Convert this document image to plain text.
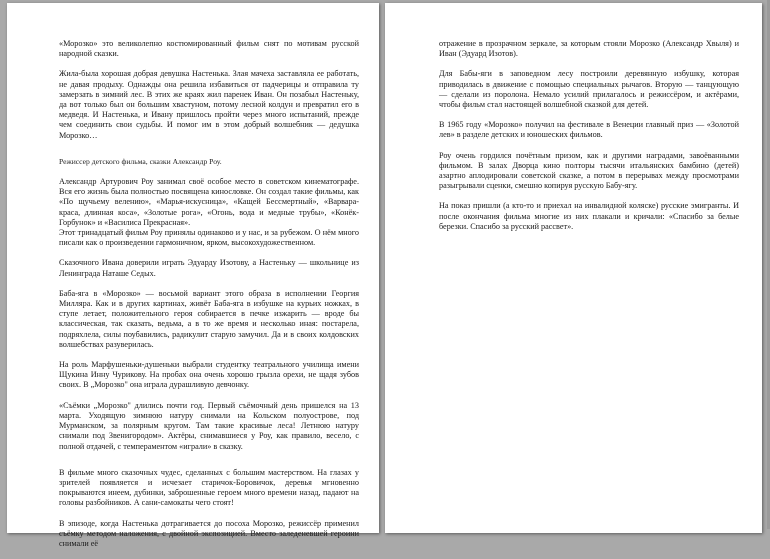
«Морозко» это великолепно костюмированный фильм снят по мотивам русской народной сказки.

Жила-была хорошая добрая девушка Настенька. Злая мачеха заставляла ее работать, не давая продыху. Однажды она решила избавиться от падчерицы и отправила ту замерзать в зимний лес. В этих же краях жил паренек Иван. Он позабыл Настеньку, да вот только был он большим хвастуном, потому лесной колдун и превратил его в медведя. И Настенька, и Ивану пришлось пройти через много испытаний, прежде чем соединить свои судьбы. И помог им в этом добрый волшебник — дедушка Морозко…

Режиссер детского фильма, сказки Александр Роу.

Александр Артурович Роу занимал своё особое место в советском кинематографе. Вся его жизнь была полностью посвящена кинословке. Он создал такие фильмы, как «По щучьему велению», «Марья-искусница», «Кащей Бессмертный», «Варвара-краса, длинная коса», «Золотые рога», «Огонь, вода и медные трубы», «Конёк-Горбунок» и «Василиса Прекрасная».

Этот тринадцатый фильм Роу принялы одинаково и у нас, и за рубежом. О нём много писали как о произведении гармоничном, ярком, высокохудожественном.

Сказочного Ивана доверили играть Эдуарду Изотову, а Настеньку — школьнице из Ленинграда Наташе Седых.

Баба-яга в «Морозко» — восьмой вариант этого образа в исполнении Георгия Милляра. Как и в других картинах, живёт Баба-яга в избушке на курьих ножках, в ступе летает, положительного героя собирается в печке изжарить — вроде бы классическая, так сказать, ведьма, а в то же время и несколько иная: постарела, подряхлела, силы поубавились, радикулит старую замучил. Да и в своих колдовских волшебствах разуверилась.

На роль Марфушеньки-душеньки выбрали студентку театрального училища имени Щукина Инну Чурикову. На пробах она очень хорошо грызла орехи, не щадя зубов своих. В „Морозко" она играла дурашливую девчонку.

«Съёмки „Морозко" длились почти год. Первый съёмочный день пришелся на 13 марта. Уходящую зимнюю натуру снимали на Кольском полуострове, под Мурманском, за полярным кругом. Там такие красивые леса! Летнюю натуру снимали под Звенигородом». Актёры, снимавшиеся у Роу, как правило, весело, с полной отдачей, с темпераментом «играли» в сказку.

В фильме много сказочных чудес, сделанных с большим мастерством. На глазах у зрителей появляется и исчезает старичок-Боровичок, деревья мгновенно покрываются инеем, дубинки, заброшенные героем много времени назад, падают на головы разбойников. А сани-самокаты чего стоят!

В эпизоде, когда Настенька дотрагивается до посоха Морозко, режиссёр применил съёмку методом наложения, с двойной экспозицией. Вместо заледеневшей героини снимали её

отражение в прозрачном зеркале, за которым стояли Морозко (Александр Хвыля) и Иван (Эдуард Изотов).

Для Бабы-яги в заповедном лесу построили деревянную избушку, которая приводилась в движение с помощью специальных рычагов. Вторую — танцующую — сделали из поролона. Немало усилий прилагалось и режиссёром, и актёрами, чтобы фильм стал настоящей волшебной сказкой для детей.

В 1965 году «Морозко» получил на фестивале в Венеции главный приз — «Золотой лев» в разделе детских и юношеских фильмов.

Роу очень гордился почётным призом, как и другими наградами, завоёванными фильмом. В залах Дворца кино полторы тысячи итальянских бамбино (детей) азартно аплодировали советской сказке, а потом в перерывах между просмотрами разыгрывали сценки, смешно копируя русскую Бабу-ягу.

На показ пришли (а кто-то и приехал на инвалидной коляске) русские эмигранты. И после окончания фильма многие из них плакали и кричали: «Спасибо за белые березки. Спасибо за русский рассвет».
